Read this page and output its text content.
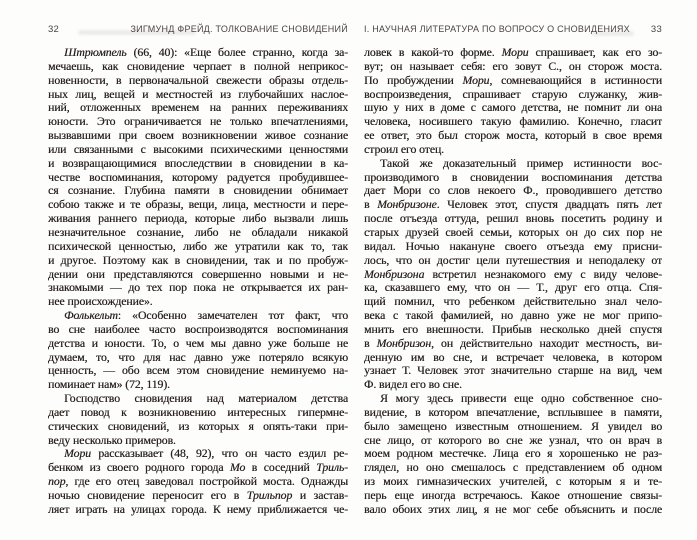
32	ЗИГМУНД ФРЕЙД. ТОЛКОВАНИЕ СНОВИДЕНИЙ
Штрюмпель (66, 40): «Еще более странно, когда за-
мечаешь, как сновидение черпает в полной неприкос-
новенности, в первоначальной свежести образы отдель-
ных лиц, вещей и местностей из глубочайших наслое-
ний, отложенных временем на ранних переживаниях
юности. Это ограничивается не только впечатлениями,
вызвавшими при своем возникновении живое сознание
или связанными с высокими психическими ценностями
и возвращающимися впоследствии в сновидении в ка-
честве воспоминания, которому радуется пробудившее-
ся сознание. Глубина памяти в сновидении обнимает
собою также и те образы, вещи, лица, местности и пере-
живания раннего периода, которые либо вызвали лишь
незначительное сознание, либо не обладали никакой
психической ценностью, либо же утратили как то, так
и другое. Поэтому как в сновидении, так и по пробуж-
дении они представляются совершенно новыми и не-
знакомыми — до тех пор пока не открывается их ран-
нее происхождение».
Фолькельт: «Особенно замечателен тот факт, что
во сне наиболее часто воспроизводятся воспоминания
детства и юности. То, о чем мы давно уже больше не
думаем, то, что для нас давно уже потеряло всякую
ценность, — обо всем этом сновидение неминуемо на-
поминает нам» (72, 119).
Господство сновидения над материалом детства
дает повод к возникновению интересных гипермне-
стических сновидений, из которых я опять-таки при-
веду несколько примеров.
Мори рассказывает (48, 92), что он часто ездил ре-
бенком из своего родного города Мо в соседний Триль-
пор, где его отец заведовал постройкой моста. Однажды
ночью сновидение переносит его в Трильпор и застав-
ляет играть на улицах города. К нему приближается че-
I. НАУЧНАЯ ЛИТЕРАТУРА ПО ВОПРОСУ О СНОВИДЕНИЯХ 33
ловек в какой-то форме. Мори спрашивает, как его зо-
вут; он называет себя: его зовут С., он сторож моста.
По пробуждении Мори, сомневающийся в истинности
воспроизведения, спрашивает старую служанку, жив-
шую у них в доме с самого детства, не помнит ли она
человека, носившего такую фамилию. Конечно, гласит
ее ответ, это был сторож моста, который в свое время
строил его отец.
Такой же доказательный пример истинности вос-
производимого в сновидении воспоминания детства
дает Мори со слов некоего Ф., проводившего детство
в Монбризоне. Человек этот, спустя двадцать пять лет
после отъезда оттуда, решил вновь посетить родину и
старых друзей своей семьи, которых он до сих пор не
видал. Ночью накануне своего отъезда ему присни-
лось, что он достиг цели путешествия и неподалеку от
Монбризона встретил незнакомого ему с виду челове-
ка, сказавшего ему, что он — Т., друг его отца. Спя-
щий помнил, что ребенком действительно знал чело-
века с такой фамилией, но давно уже не мог припо-
мнить его внешности. Прибыв несколько дней спустя
в Монбризон, он действительно находит местность, ви-
денную им во сне, и встречает человека, в котором
узнает Т. Человек этот значительно старше на вид, чем
Ф. видел его во сне.
Я могу здесь привести еще одно собственное сно-
видение, в котором впечатление, всплывшее в памяти,
было замещено известным отношением. Я увидел во
сне лицо, от которого во сне же узнал, что он врач в
моем родном местечке. Лица его я хорошенько не раз-
глядел, но оно смешалось с представлением об одном
из моих гимназических учителей, с которым я и те-
перь еще иногда встречаюсь. Какое отношение связы-
вало обоих этих лиц, я не мог себе объяснить и после
